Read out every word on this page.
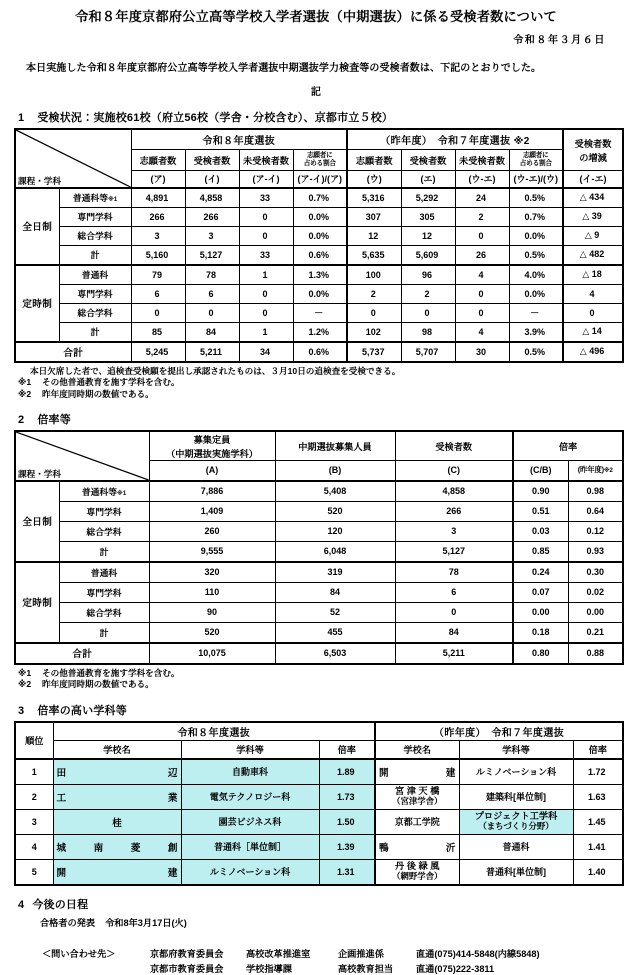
令和８年度京都府公立高等学校入学者選抜（中期選抜）に係る受検者数について
令和８年３月６日
本日実施した令和８年度京都府公立高等学校入学者選抜中期選抜学力検査等の受検者数は、下記のとおりでした。
記
1 受検状況：実施校61校（府立56校（学舎・分校含む）、京都市立５校）
課程・学科		令和８年度選抜				（昨年度）　令和７年度選抜 ※2				受検者数
の増減
		志願者数	受検者数	未受検者数	志願者に
占める割合	志願者数	受検者数	未受検者数	志願者に
占める割合	
		(ア)	(イ)	(ア-イ)	(ア-イ)/(ア)	(ウ)	(エ)	(ウ-エ)	(ウ-エ)/(ウ)	(イ-エ)
全日制	普通科等※1	4,891	4,858	33	0.7%	5,316	5,292	24	0.5%	△ 434
	専門学科	266	266	0	0.0%	307	305	2	0.7%	△ 39
	総合学科	3	3	0	0.0%	12	12	0	0.0%	△ 9
	計	5,160	5,127	33	0.6%	5,635	5,609	26	0.5%	△ 482
定時制	普通科	79	78	1	1.3%	100	96	4	4.0%	△ 18
	専門学科	6	6	0	0.0%	2	2	0	0.0%	4
	総合学科	0	0	0	－	0	0	0	－	0
	計	85	84	1	1.2%	102	98	4	3.9%	△ 14
合計		5,245	5,211	34	0.6%	5,737	5,707	30	0.5%	△ 496
本日欠席した者で、追検査受検願を提出し承認されたものは、３月10日の追検査を受検できる。
※1 その他普通教育を施す学科を含む。
※2 昨年度同時期の数値である。
2 倍率等
課程・学科		募集定員
（中期選抜実施学科）	中期選抜募集人員	受検者数	倍率	
		(A)	(B)	(C)	(C/B)	(昨年度)※2
全日制	普通科等※1	7,886	5,408	4,858	0.90	0.98
	専門学科	1,409	520	266	0.51	0.64
	総合学科	260	120	3	0.03	0.12
	計	9,555	6,048	5,127	0.85	0.93
定時制	普通科	320	319	78	0.24	0.30
	専門学科	110	84	6	0.07	0.02
	総合学科	90	52	0	0.00	0.00
	計	520	455	84	0.18	0.21
合計		10,075	6,503	5,211	0.80	0.88
※1 その他普通教育を施す学科を含む。
※2 昨年度同時期の数値である。
3 倍率の高い学科等
順位	令和８年度選抜			（昨年度）　令和７年度選抜		
	学校名	学科等	倍率	学校名	学科等	倍率
1	田　　辺	自動車科	1.89	開　　建	ルミノベーション科	1.72
2	工　　業	電気テクノロジー科	1.73	宮 津 天 橋
（宮津学舎）	建築科[単位制]	1.63
3	桂	園芸ビジネス科	1.50	京都工学院	プロジェクト工学科
（まちづくり分野）	1.45
4	城　南　菱　創	普通科［単位制］	1.39	鴨　　沂	普通科	1.41
5	開　　建	ルミノベーション科	1.31	丹 後 緑 風
（網野学舎）	普通科[単位制]	1.40
4 今後の日程
合格者の発表 令和8年3月17日(火)
＜問い合わせ先＞	京都府教育委員会	高校改革推進室	企画推進係	直通(075)414-5848(内線5848)
京都市教育委員会	学校指導課	高校教育担当	直通(075)222-3811
